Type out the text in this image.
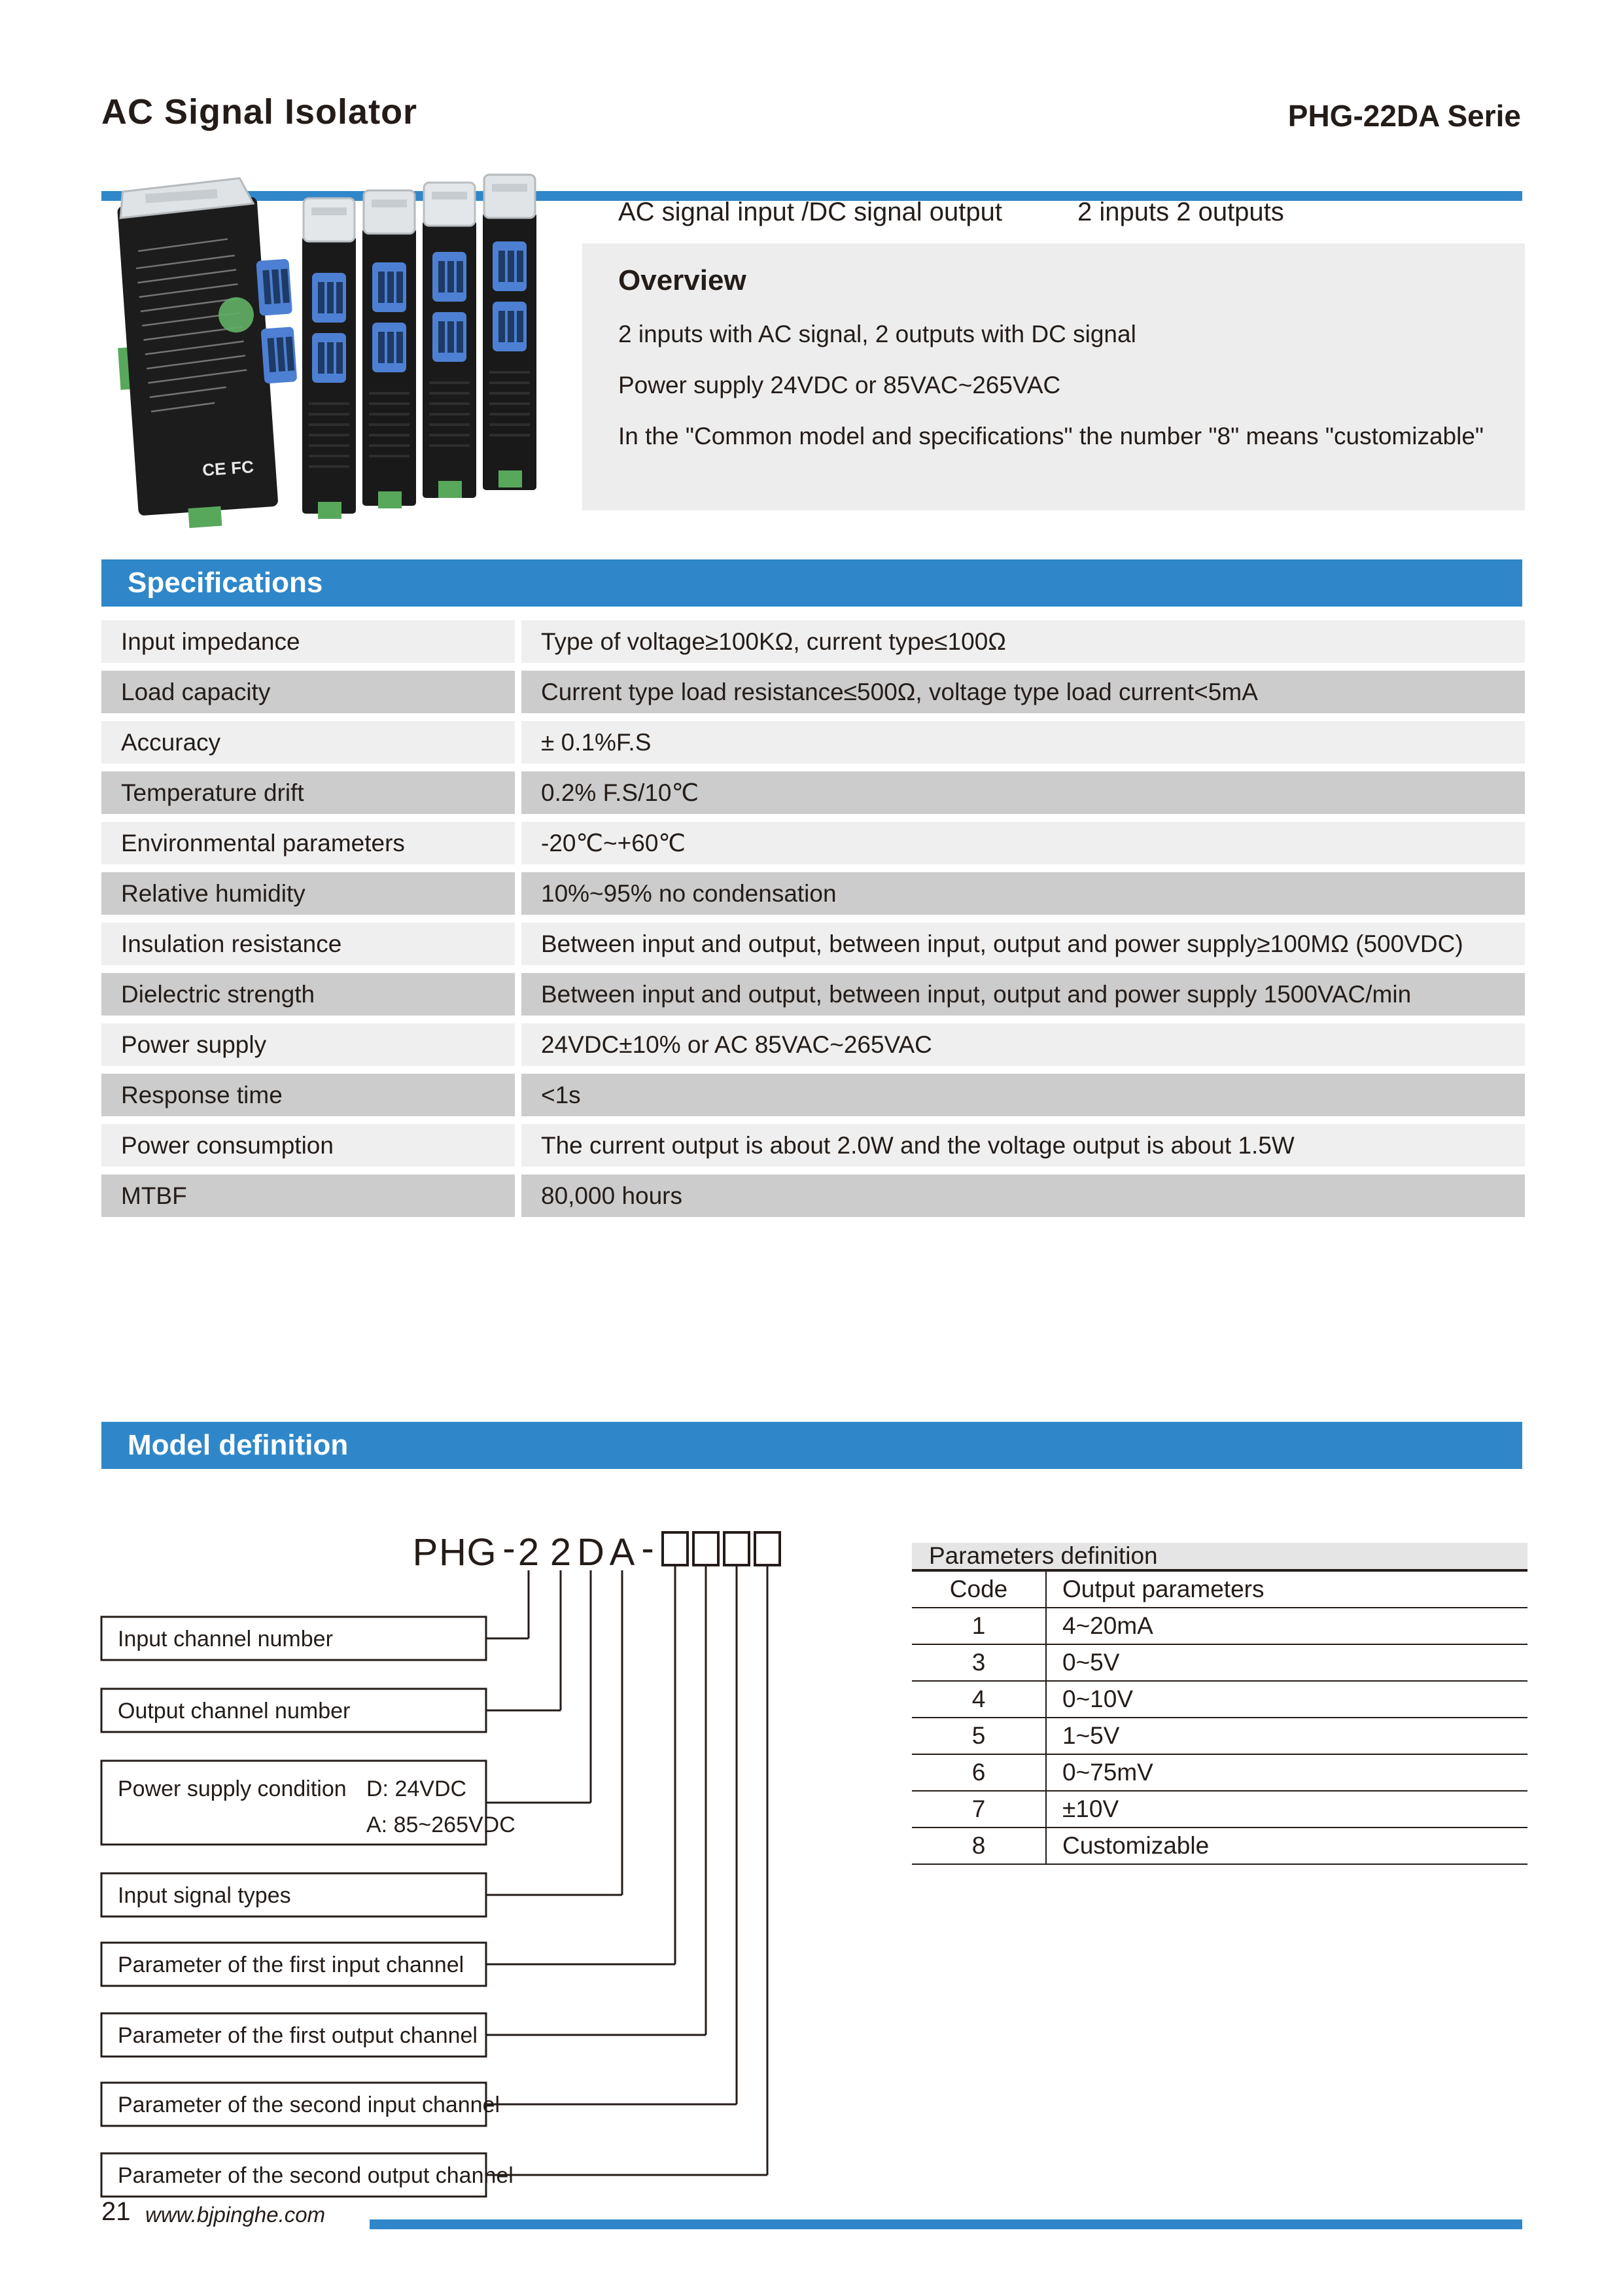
AC Signal Isolator	PHG-22DA Serie
CE FC
AC signal input /DC signal output	2 inputs 2 outputs
Overview
2 inputs with AC signal, 2 outputs with DC signal
Power supply 24VDC or 85VAC~265VAC
In the "Common model and specifications" the number "8" means "customizable"
Specifications
Input impedance	Type of voltage≥100KΩ, current type≤100Ω
Load capacity	Current type load resistance≤500Ω, voltage type load current<5mA
Accuracy	± 0.1%F.S
Temperature drift	0.2% F.S/10℃
Environmental parameters	-20℃~+60℃
Relative humidity	10%~95% no condensation
Insulation resistance	Between input and output, between input, output and power supply≥100MΩ (500VDC)
Dielectric strength	Between input and output, between input, output and power supply 1500VAC/min
Power supply	24VDC±10% or AC 85VAC~265VAC
Response time	<1s
Power consumption	The current output is about 2.0W and the voltage output is about 1.5W
MTBF	80,000 hours
Model definition
P H G - 2 2 D A -
Input channel number
Output channel number
Power supply condition D: 24VDC
A: 85~265VDC
Input signal types
Parameter of the first input channel
Parameter of the first output channel
Parameter of the second input channel
Parameter of the second output channel
Parameters definition
Code	Output parameters
1	4~20mA
3	0~5V
4	0~10V
5	1~5V
6	0~75mV
7	±10V
8	Customizable
21 www.bjpinghe.com
